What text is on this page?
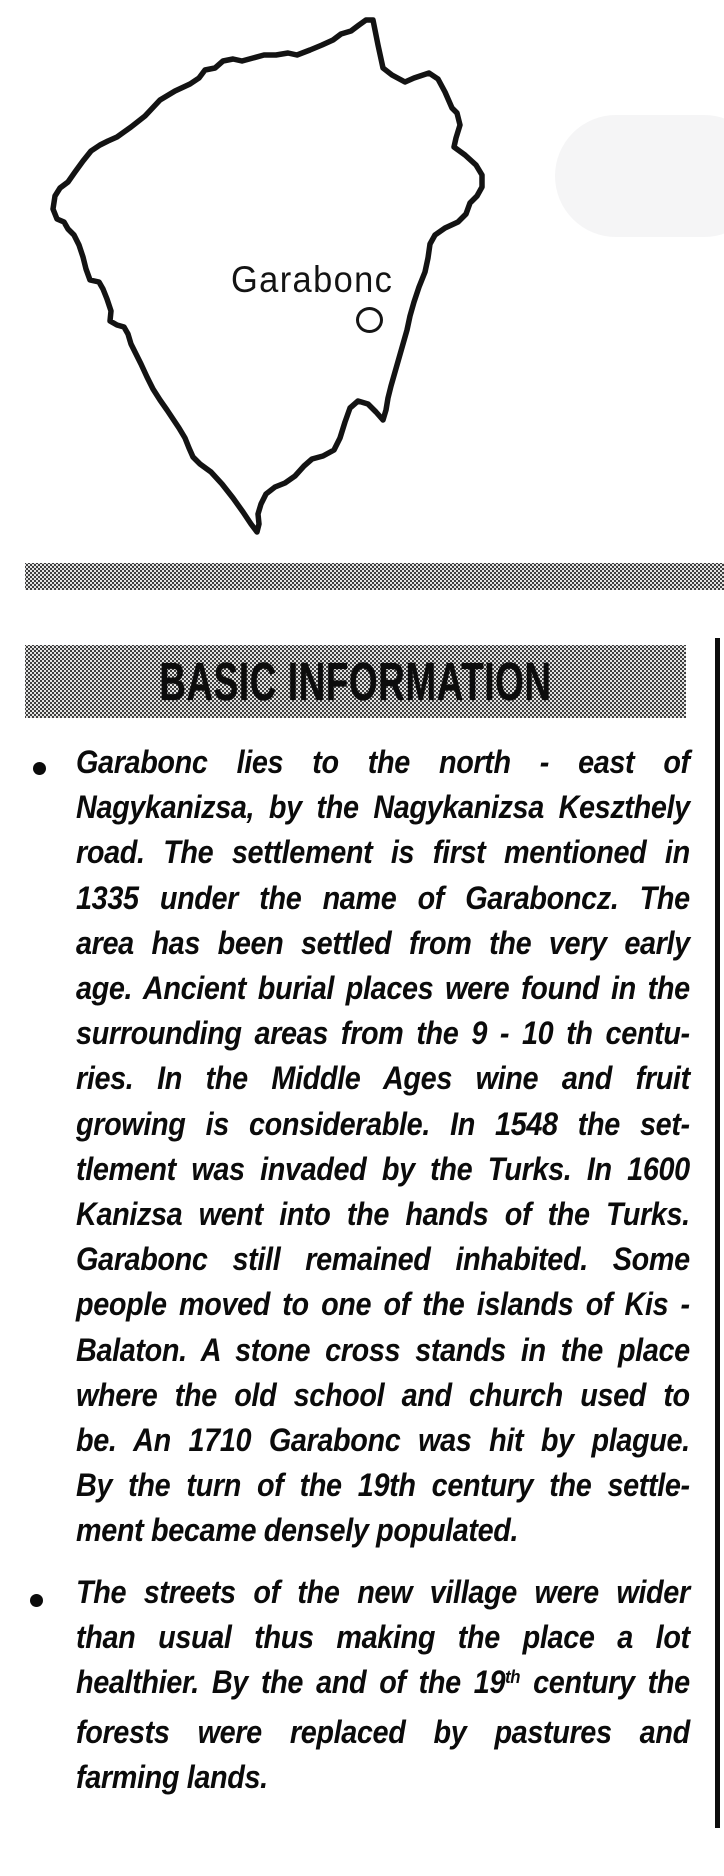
Garabonc
BASIC INFORMATION
Garabonc lies to the north - east of
Nagykanizsa, by the Nagykanizsa Keszthely
road. The settlement is first mentioned in
1335 under the name of Garaboncz. The
area has been settled from the very early
age. Ancient burial places were found in the
surrounding areas from the 9 - 10 th centu-
ries. In the Middle Ages wine and fruit
growing is considerable. In 1548 the set-
tlement was invaded by the Turks. In 1600
Kanizsa went into the hands of the Turks.
Garabonc still remained inhabited. Some
people moved to one of the islands of Kis -
Balaton. A stone cross stands in the place
where the old school and church used to
be. An 1710 Garabonc was hit by plague.
By the turn of the 19th century the settle-
ment became densely populated.
The streets of the new village were wider
than usual thus making the place a lot
healthier. By the and of the 19th century the
forests were replaced by pastures and
farming lands.
